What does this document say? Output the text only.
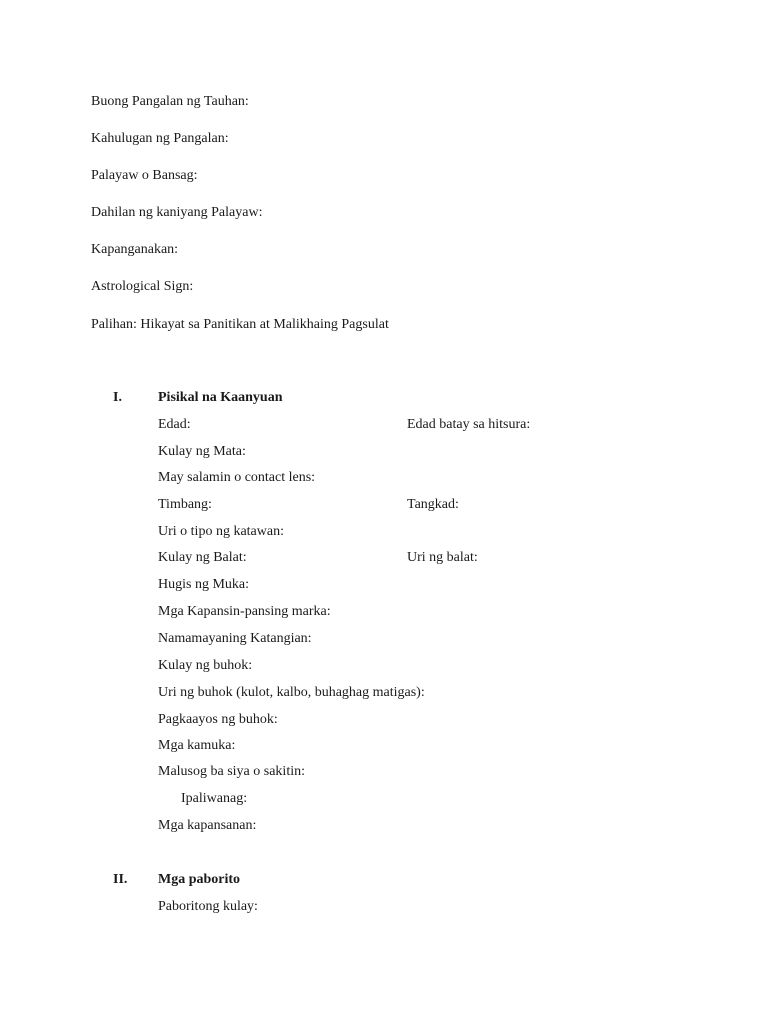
Buong Pangalan ng Tauhan:
Kahulugan ng Pangalan:
Palayaw o Bansag:
Dahilan ng kaniyang Palayaw:
Kapanganakan:
Astrological Sign:
Palihan: Hikayat sa Panitikan at Malikhaing Pagsulat
I.	Pisikal na Kaanyuan
Edad:	Edad batay sa hitsura:
Kulay ng Mata:
May salamin o contact lens:
Timbang:	Tangkad:
Uri o tipo ng katawan:
Kulay ng Balat:	Uri ng balat:
Hugis ng Muka:
Mga Kapansin-pansing marka:
Namamayaning Katangian:
Kulay ng buhok:
Uri ng buhok (kulot, kalbo, buhaghag matigas):
Pagkaayos ng buhok:
Mga kamuka:
Malusog ba siya o sakitin:
Ipaliwanag:
Mga kapansanan:
II. Mga paborito
Paboritong kulay:
